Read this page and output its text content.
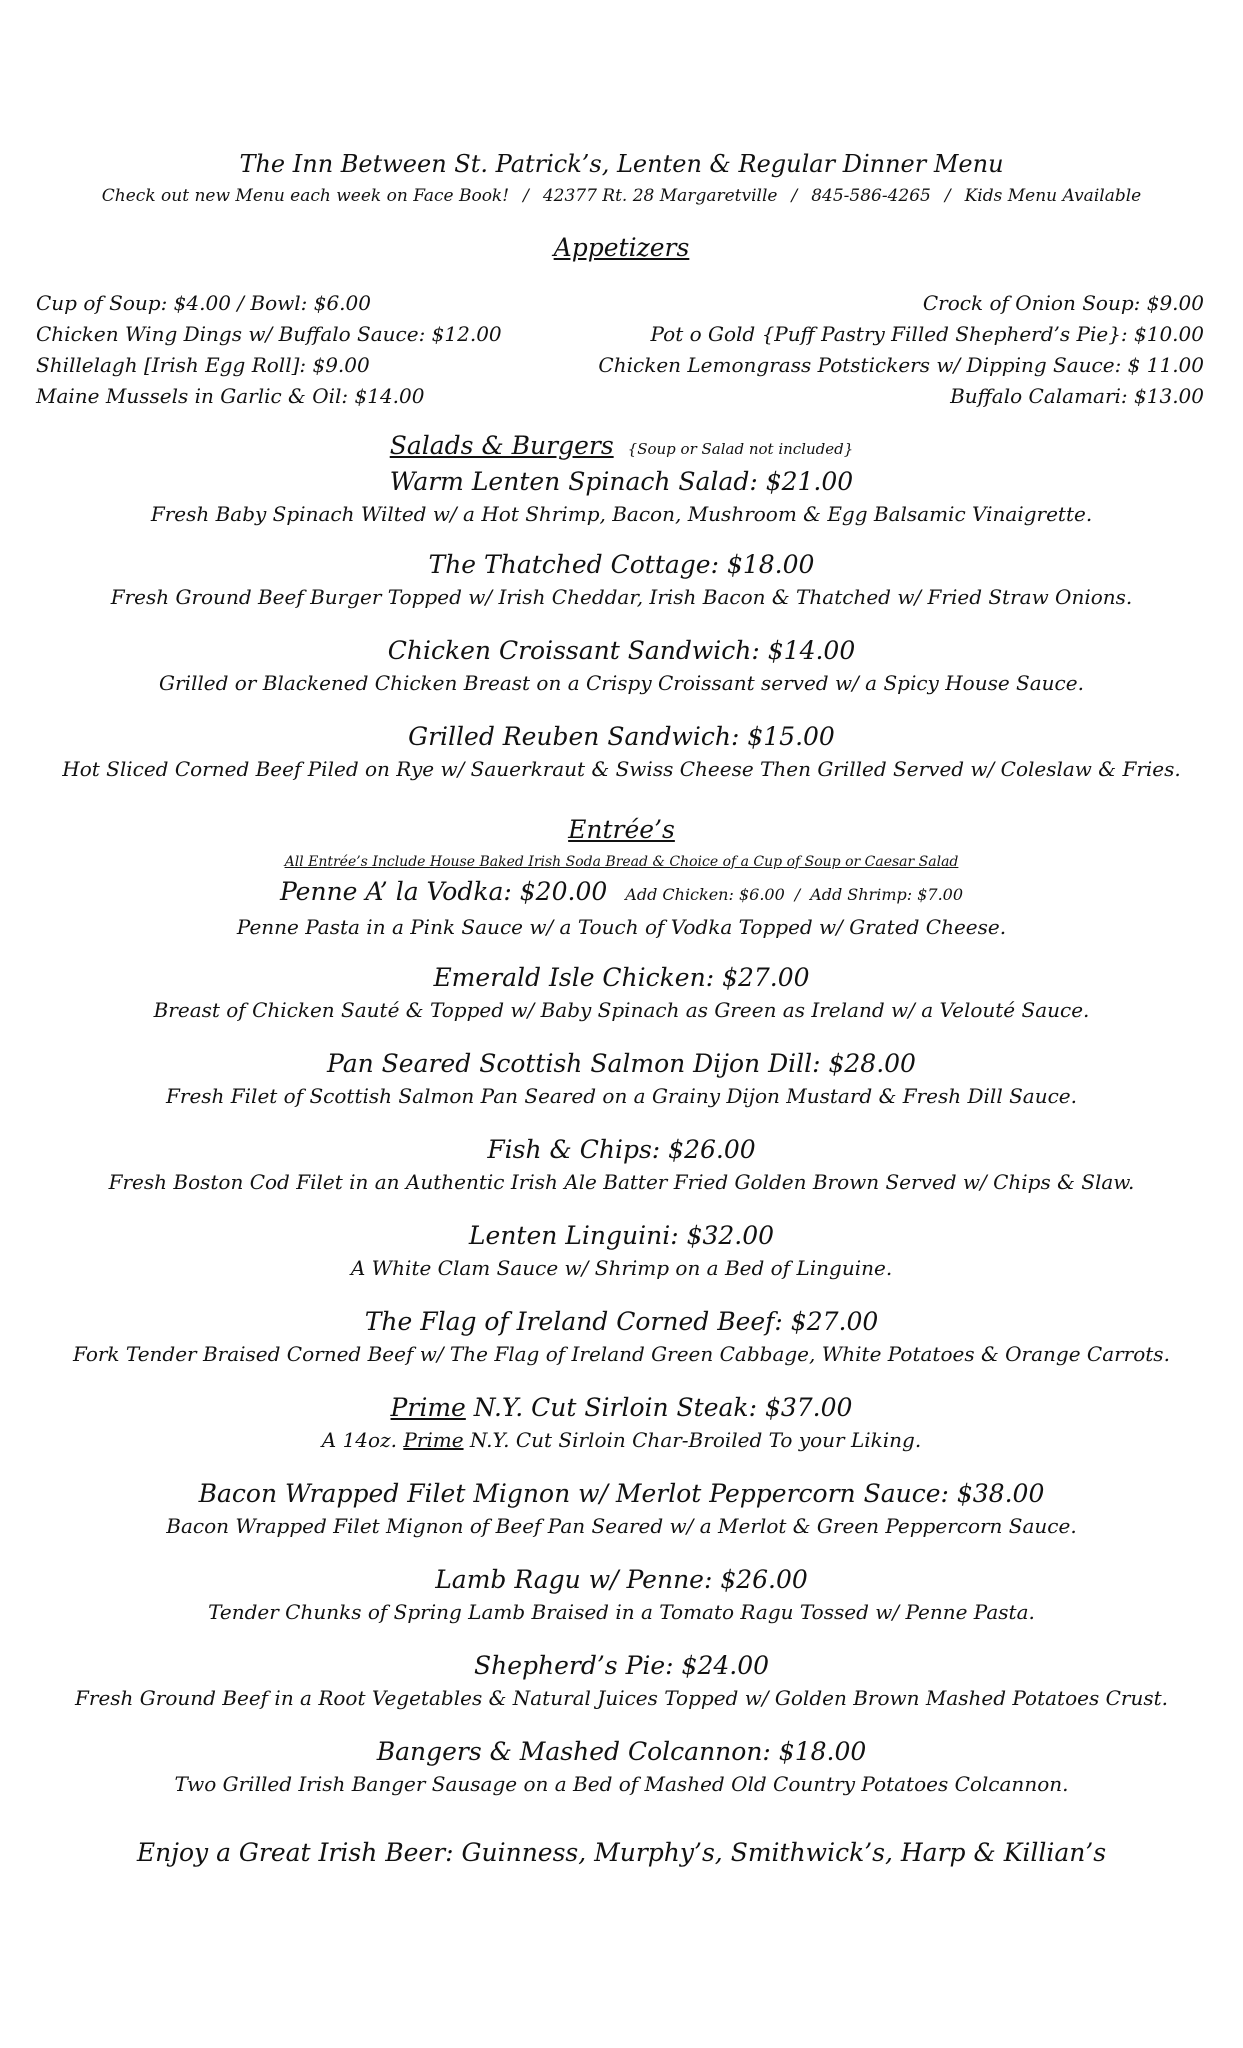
The Inn Between St. Patrick’s, Lenten & Regular Dinner Menu
Check out new Menu each week on Face Book! / 42377 Rt. 28 Margaretville / 845-586-4265 / Kids Menu Available
Appetizers
Cup of Soup: $4.00 / Bowl: $6.00	Crock of Onion Soup: $9.00
Chicken Wing Dings w/ Buffalo Sauce: $12.00	Pot o Gold {Puff Pastry Filled Shepherd’s Pie}: $10.00
Shillelagh [Irish Egg Roll]: $9.00	Chicken Lemongrass Potstickers w/ Dipping Sauce: $ 11.00
Maine Mussels in Garlic & Oil: $14.00	Buffalo Calamari: $13.00
Salads & Burgers {Soup or Salad not included}
Warm Lenten Spinach Salad: $21.00
Fresh Baby Spinach Wilted w/ a Hot Shrimp, Bacon, Mushroom & Egg Balsamic Vinaigrette.
The Thatched Cottage: $18.00
Fresh Ground Beef Burger Topped w/ Irish Cheddar, Irish Bacon & Thatched w/ Fried Straw Onions.
Chicken Croissant Sandwich: $14.00
Grilled or Blackened Chicken Breast on a Crispy Croissant served w/ a Spicy House Sauce.
Grilled Reuben Sandwich: $15.00
Hot Sliced Corned Beef Piled on Rye w/ Sauerkraut & Swiss Cheese Then Grilled Served w/ Coleslaw & Fries.
Entrée’s
All Entrée’s Include House Baked Irish Soda Bread & Choice of a Cup of Soup or Caesar Salad
Penne A’ la Vodka: $20.00 Add Chicken: $6.00 / Add Shrimp: $7.00
Penne Pasta in a Pink Sauce w/ a Touch of Vodka Topped w/ Grated Cheese.
Emerald Isle Chicken: $27.00
Breast of Chicken Sauté & Topped w/ Baby Spinach as Green as Ireland w/ a Velouté Sauce.
Pan Seared Scottish Salmon Dijon Dill: $28.00
Fresh Filet of Scottish Salmon Pan Seared on a Grainy Dijon Mustard & Fresh Dill Sauce.
Fish & Chips: $26.00
Fresh Boston Cod Filet in an Authentic Irish Ale Batter Fried Golden Brown Served w/ Chips & Slaw.
Lenten Linguini: $32.00
A White Clam Sauce w/ Shrimp on a Bed of Linguine.
The Flag of Ireland Corned Beef: $27.00
Fork Tender Braised Corned Beef w/ The Flag of Ireland Green Cabbage, White Potatoes & Orange Carrots.
Prime N.Y. Cut Sirloin Steak: $37.00
A 14oz. Prime N.Y. Cut Sirloin Char-Broiled To your Liking.
Bacon Wrapped Filet Mignon w/ Merlot Peppercorn Sauce: $38.00
Bacon Wrapped Filet Mignon of Beef Pan Seared w/ a Merlot & Green Peppercorn Sauce.
Lamb Ragu w/ Penne: $26.00
Tender Chunks of Spring Lamb Braised in a Tomato Ragu Tossed w/ Penne Pasta.
Shepherd’s Pie: $24.00
Fresh Ground Beef in a Root Vegetables & Natural Juices Topped w/ Golden Brown Mashed Potatoes Crust.
Bangers & Mashed Colcannon: $18.00
Two Grilled Irish Banger Sausage on a Bed of Mashed Old Country Potatoes Colcannon.
Enjoy a Great Irish Beer: Guinness, Murphy’s, Smithwick’s, Harp & Killian’s
